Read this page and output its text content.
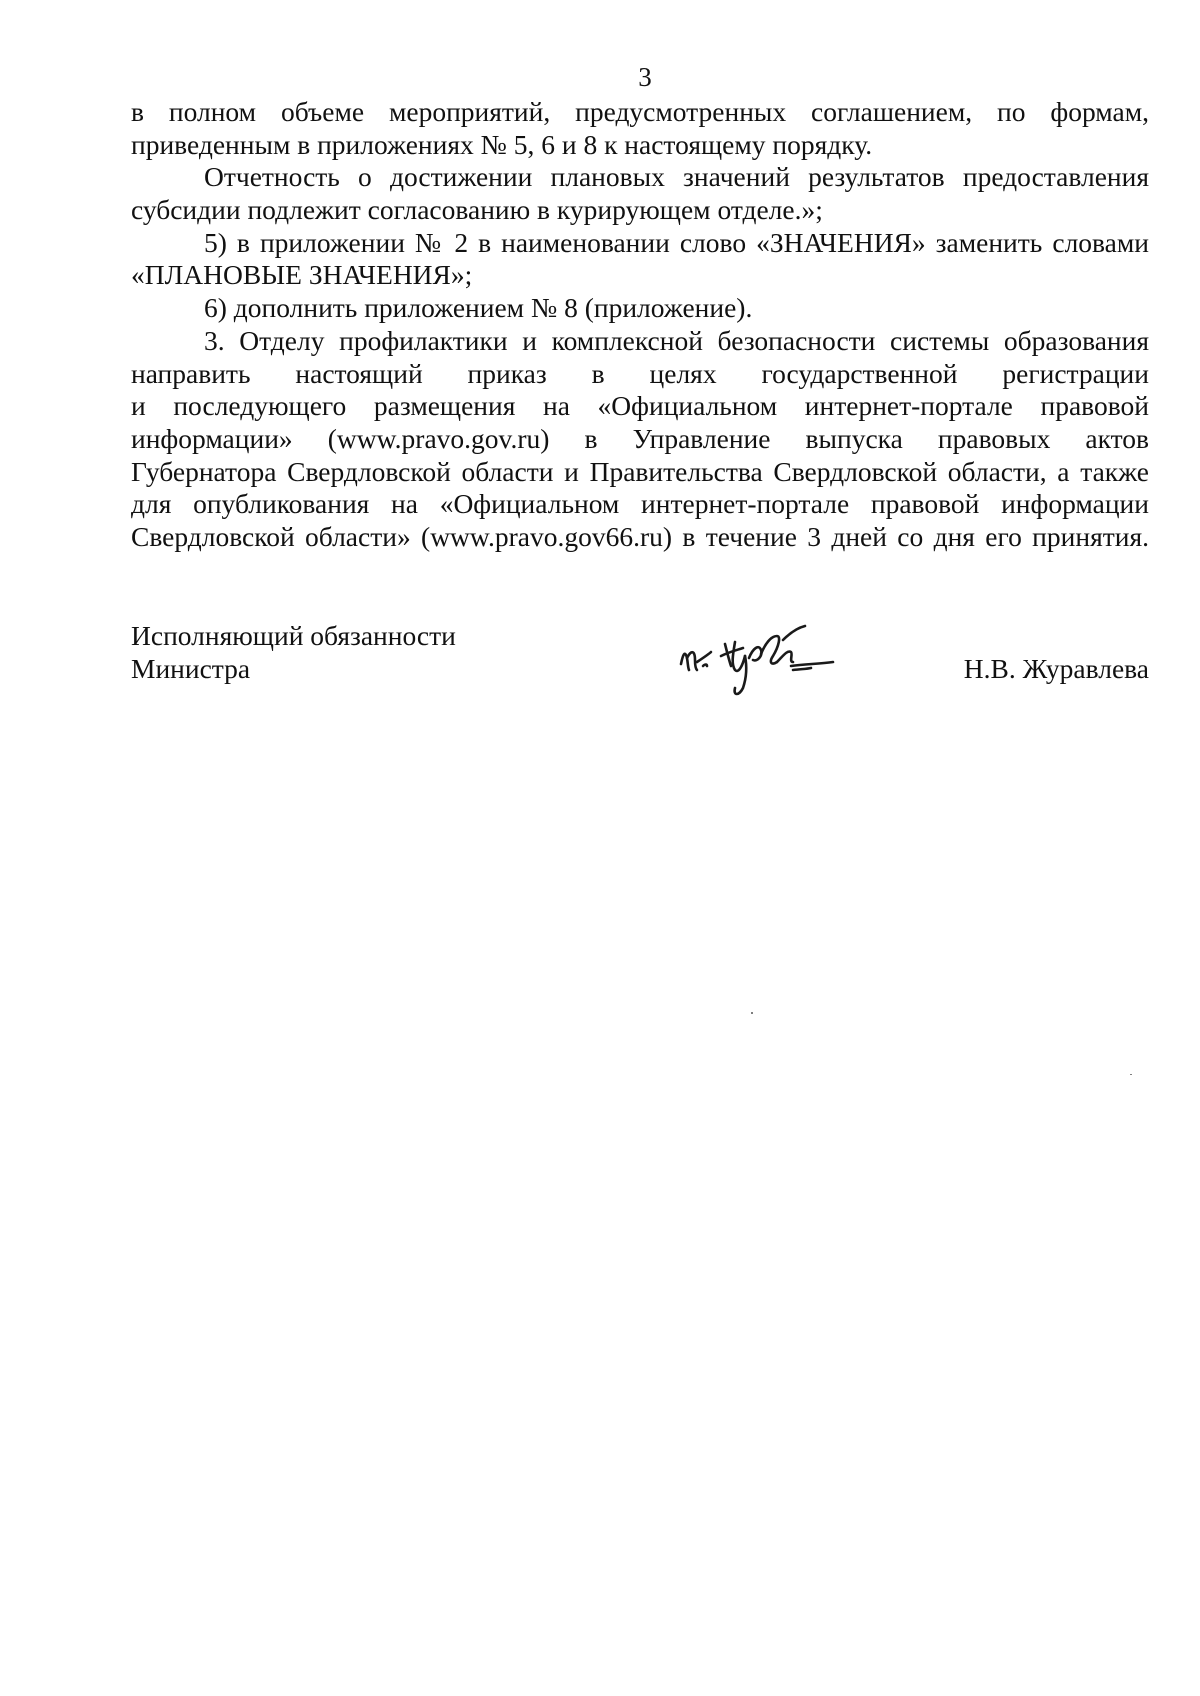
3
в полном объеме мероприятий, предусмотренных соглашением, по формам,
приведенным в приложениях № 5, 6 и 8 к настоящему порядку.
Отчетность о достижении плановых значений результатов предоставления
субсидии подлежит согласованию в курирующем отделе.»;
5) в приложении № 2 в наименовании слово «ЗНАЧЕНИЯ» заменить словами
«ПЛАНОВЫЕ ЗНАЧЕНИЯ»;
6) дополнить приложением № 8 (приложение).
3. Отделу профилактики и комплексной безопасности системы образования
направить настоящий приказ в целях государственной регистрации
и последующего размещения на «Официальном интернет-портале правовой
информации» (www.pravo.gov.ru) в Управление выпуска правовых актов
Губернатора Свердловской области и Правительства Свердловской области, а также
для опубликования на «Официальном интернет-портале правовой информации
Свердловской области» (www.pravo.gov66.ru) в течение 3 дней со дня его принятия.
Исполняющий обязанности
Министра	Н.В. Журавлева
